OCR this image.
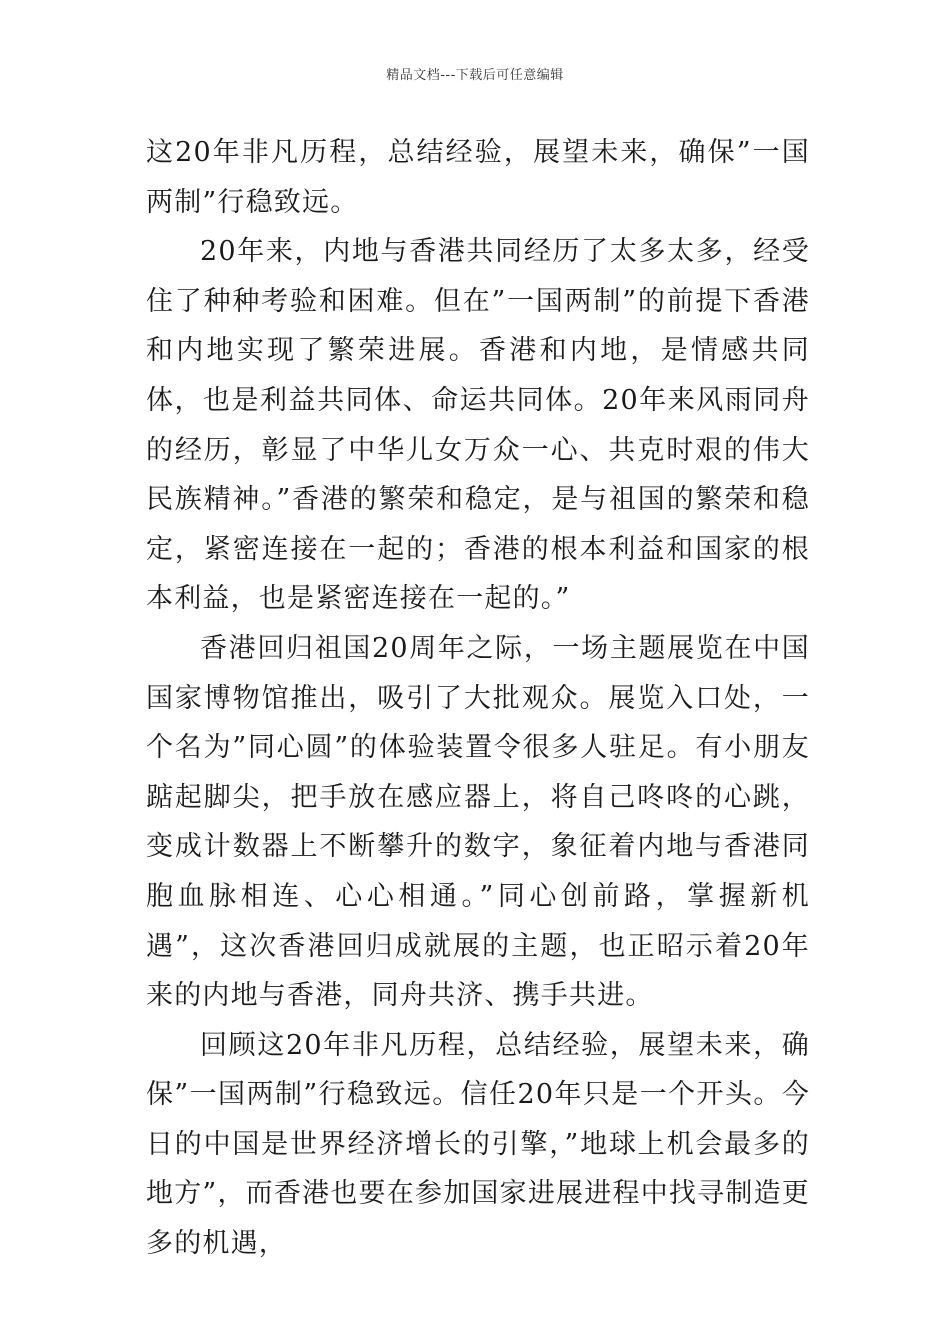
精品文档---下载后可任意编辑

这20年非凡历程，总结经验，展望未来，确保”一国两制”行稳致远。

20年来，内地与香港共同经历了太多太多，经受住了种种考验和困难。但在”一国两制”的前提下香港和内地实现了繁荣进展。香港和内地，是情感共同体，也是利益共同体、命运共同体。20年来风雨同舟的经历，彰显了中华儿女万众一心、共克时艰的伟大民族精神。”香港的繁荣和稳定，是与祖国的繁荣和稳定，紧密连接在一起的；香港的根本利益和国家的根本利益，也是紧密连接在一起的。”

香港回归祖国20周年之际，一场主题展览在中国国家博物馆推出，吸引了大批观众。展览入口处，一个名为”同心圆”的体验装置令很多人驻足。有小朋友踮起脚尖，把手放在感应器上，将自己咚咚的心跳，变成计数器上不断攀升的数字，象征着内地与香港同胞血脉相连、心心相通。”同心创前路，掌握新机遇”，这次香港回归成就展的主题，也正昭示着20年来的内地与香港，同舟共济、携手共进。

回顾这20年非凡历程，总结经验，展望未来，确保”一国两制”行稳致远。信任20年只是一个开头。今日的中国是世界经济增长的引擎，”地球上机会最多的地方”，而香港也要在参加国家进展进程中找寻制造更多的机遇，
